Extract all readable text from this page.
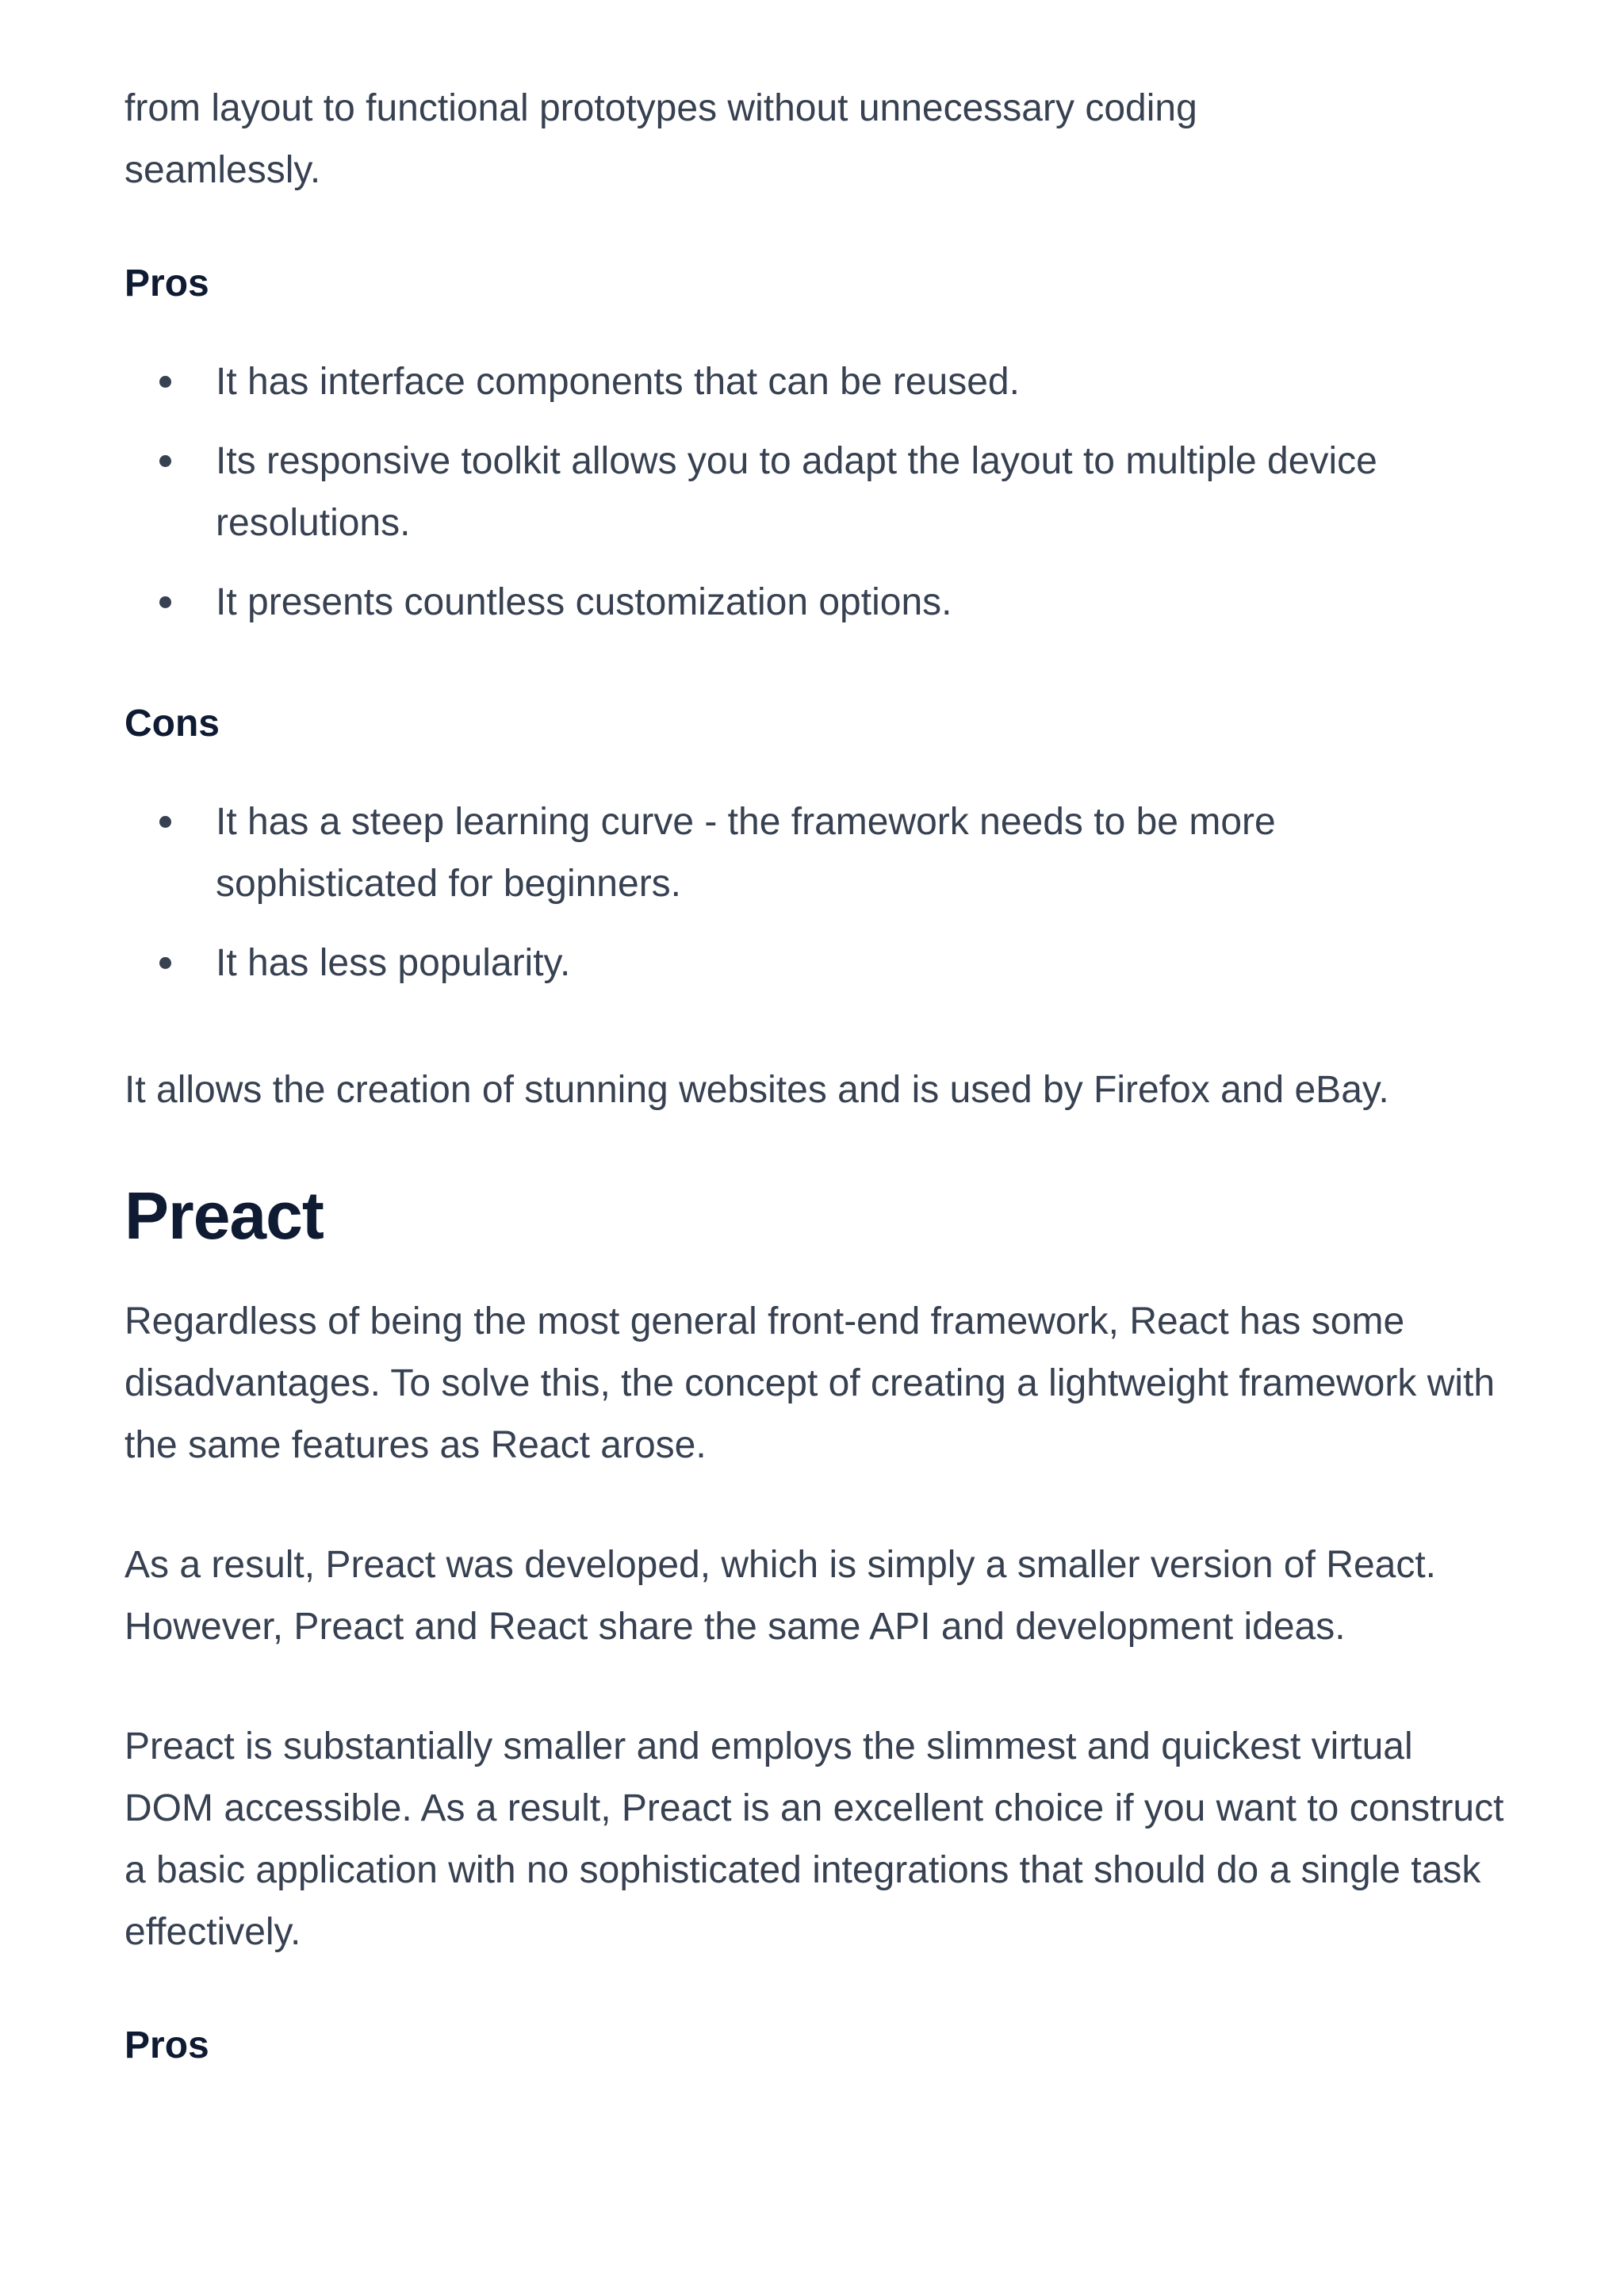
from layout to functional prototypes without unnecessary coding seamlessly.

Pros
It has interface components that can be reused.
Its responsive toolkit allows you to adapt the layout to multiple device resolutions.
It presents countless customization options.
Cons
It has a steep learning curve - the framework needs to be more sophisticated for beginners.
It has less popularity.

It allows the creation of stunning websites and is used by Firefox and eBay.

Preact

Regardless of being the most general front-end framework, React has some disadvantages. To solve this, the concept of creating a lightweight framework with the same features as React arose.

As a result, Preact was developed, which is simply a smaller version of React. However, Preact and React share the same API and development ideas.

Preact is substantially smaller and employs the slimmest and quickest virtual DOM accessible. As a result, Preact is an excellent choice if you want to construct a basic application with no sophisticated integrations that should do a single task effectively.

Pros
